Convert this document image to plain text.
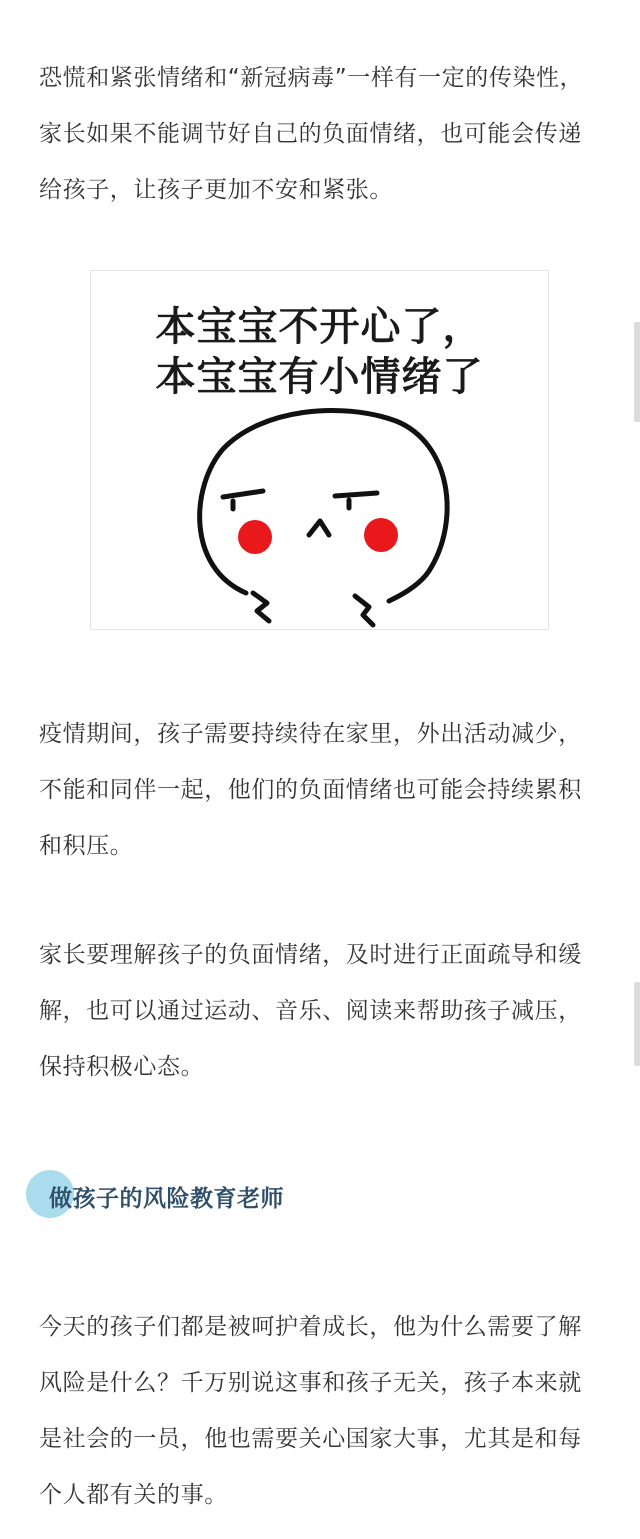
恐慌和紧张情绪和“新冠病毒”一样有一定的传染性，家长如果不能调节好自己的负面情绪，也可能会传递给孩子，让孩子更加不安和紧张。

本宝宝不开心了，
本宝宝有小情绪了

疫情期间，孩子需要持续待在家里，外出活动减少，不能和同伴一起，他们的负面情绪也可能会持续累积和积压。

家长要理解孩子的负面情绪，及时进行正面疏导和缓解，也可以通过运动、音乐、阅读来帮助孩子减压，保持积极心态。

做孩子的风险教育老师

今天的孩子们都是被呵护着成长，他为什么需要了解风险是什么？千万别说这事和孩子无关，孩子本来就是社会的一员，他也需要关心国家大事，尤其是和每个人都有关的事。
